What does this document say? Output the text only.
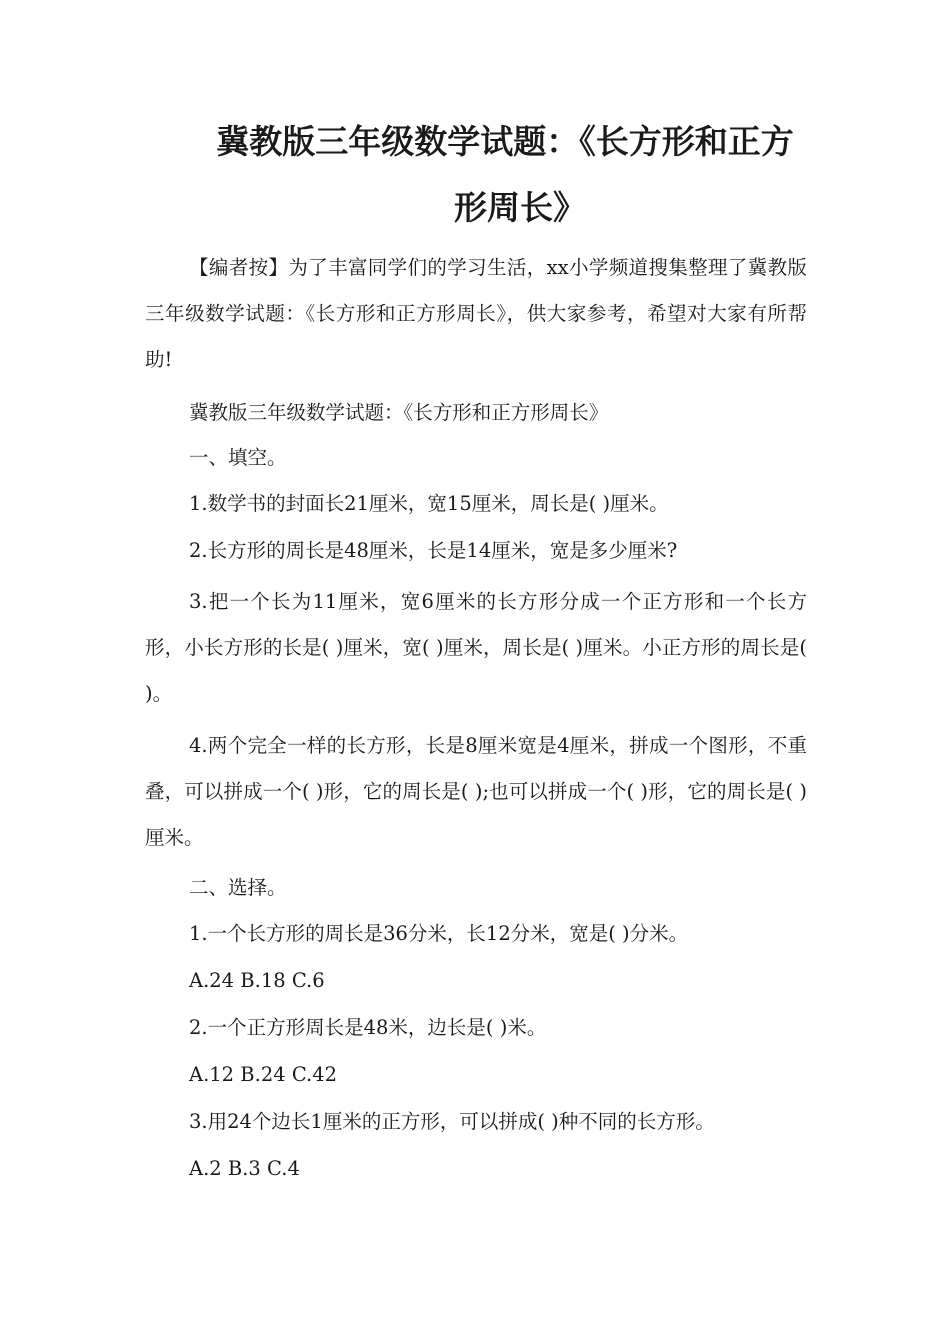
冀教版三年级数学试题：《长方形和正方
形周长》

【编者按】为了丰富同学们的学习生活，xx小学频道搜集整理了冀教版三年级数学试题：《长方形和正方形周长》，供大家参考，希望对大家有所帮助!

冀教版三年级数学试题：《长方形和正方形周长》

一、填空。

1.数学书的封面长21厘米，宽15厘米，周长是( )厘米。

2.长方形的周长是48厘米，长是14厘米，宽是多少厘米?

3.把一个长为11厘米，宽6厘米的长方形分成一个正方形和一个长方形，小长方形的长是( )厘米，宽( )厘米，周长是( )厘米。小正方形的周长是( )。

4.两个完全一样的长方形，长是8厘米宽是4厘米，拼成一个图形，不重叠，可以拼成一个( )形，它的周长是( );也可以拼成一个( )形，它的周长是( )厘米。

二、选择。

1.一个长方形的周长是36分米，长12分米，宽是( )分米。

A.24 B.18 C.6

2.一个正方形周长是48米，边长是( )米。

A.12 B.24 C.42

3.用24个边长1厘米的正方形，可以拼成( )种不同的长方形。

A.2 B.3 C.4
